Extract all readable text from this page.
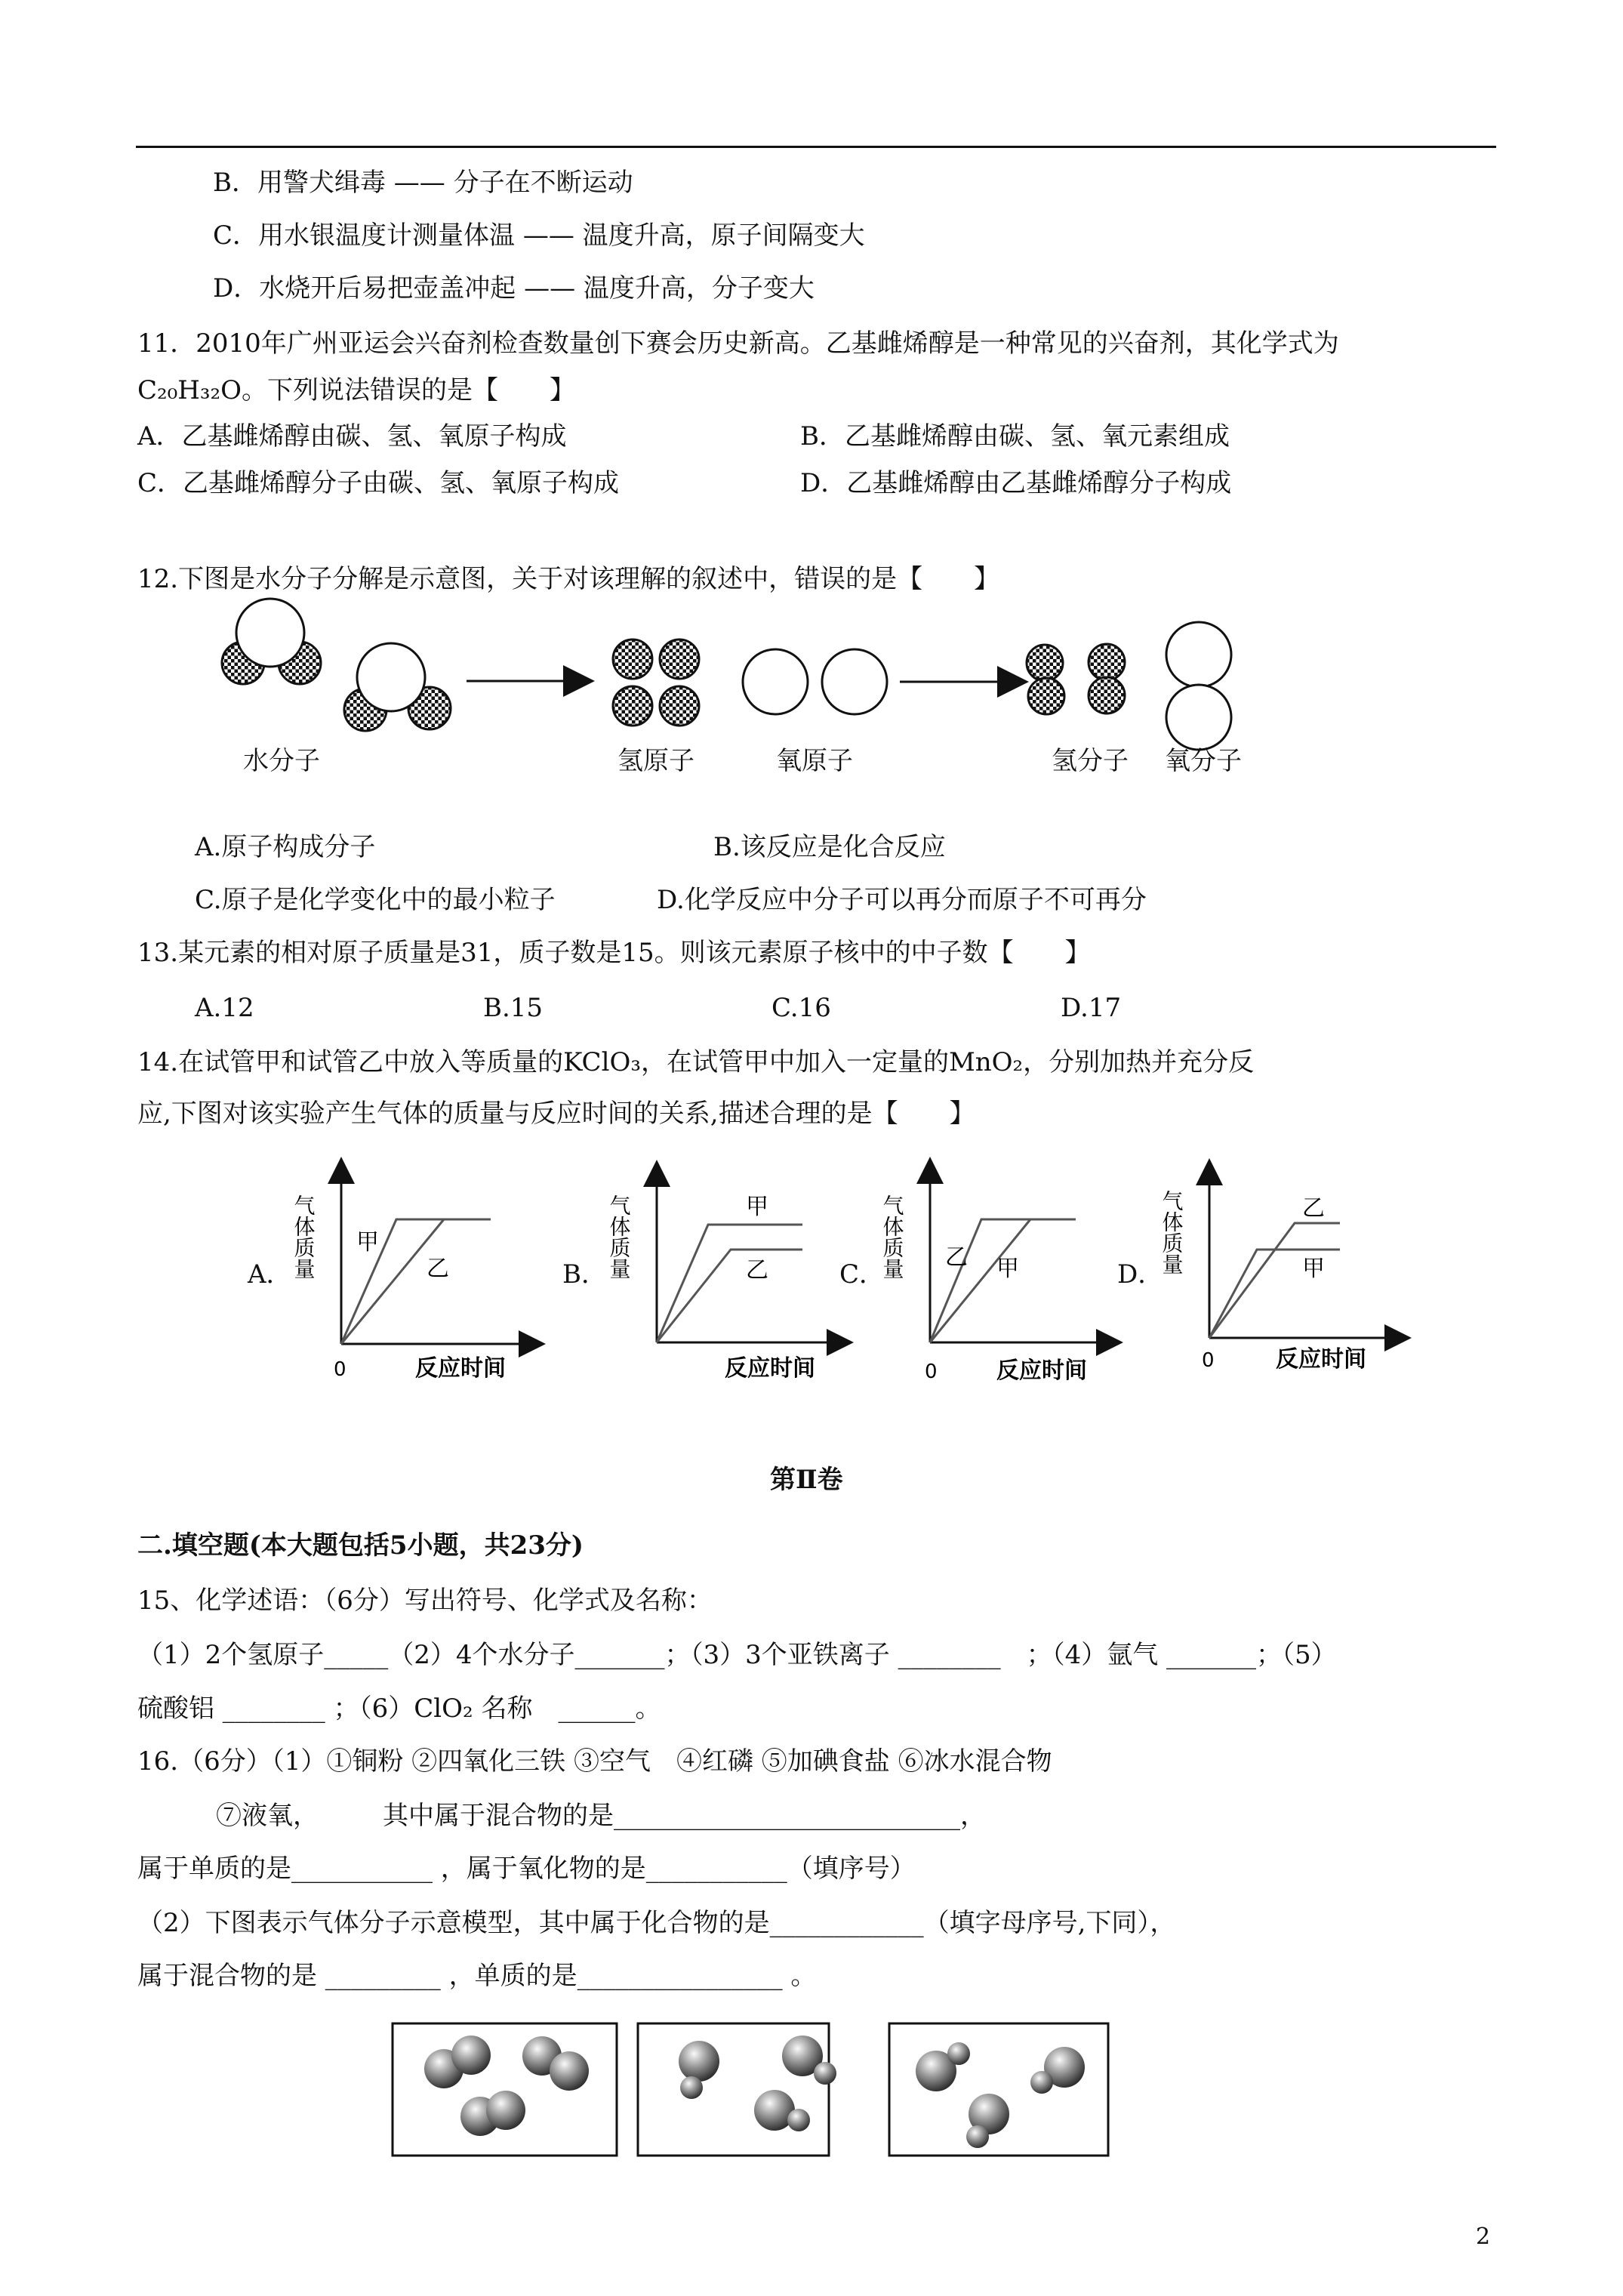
B．用警犬缉毒 —— 分子在不断运动
C．用水银温度计测量体温 —— 温度升高，原子间隔变大
D．水烧开后易把壶盖冲起 —— 温度升高，分子变大
11．2010年广州亚运会兴奋剂检查数量创下赛会历史新高。乙基雌烯醇是一种常见的兴奋剂，其化学式为
C₂₀H₃₂O。下列说法错误的是【　　】
A．乙基雌烯醇由碳、氢、氧原子构成	B．乙基雌烯醇由碳、氢、氧元素组成
C．乙基雌烯醇分子由碳、氢、氧原子构成	D．乙基雌烯醇由乙基雌烯醇分子构成
12.下图是水分子分解是示意图，关于对该理解的叙述中，错误的是【　　】
水分子	氢原子	氧原子	氢分子 氧分子
A.原子构成分子	B.该反应是化合反应
C.原子是化学变化中的最小粒子	D.化学反应中分子可以再分而原子不可再分
13.某元素的相对原子质量是31，质子数是15。则该元素原子核中的中子数【　　】
A.12	B.15	C.16	D.17
14.在试管甲和试管乙中放入等质量的KClO₃，在试管甲中加入一定量的MnO₂，分别加热并充分反
应,下图对该实验产生气体的质量与反应时间的关系,描述合理的是【　　】
A．	B．	C．	D．
气体质量
0	反应时间
甲
乙	气体质量
反应时间
甲
乙	气体质量
0	反应时间
乙 甲	气体质量
0	反应时间
乙
甲
第Ⅱ卷
二.填空题(本大题包括5小题，共23分)
15、化学述语：（6分）写出符号、化学式及名称：
（1）2个氢原子_____（2）4个水分子_______；（3）3个亚铁离子 ________　；（4）氩气 _______；（5）
硫酸铝 ________ ；（6）ClO₂ 名称　______。
16.（6分）（1）①铜粉 ②四氧化三铁 ③空气　④红磷 ⑤加碘食盐 ⑥冰水混合物
⑦液氧，　　　其中属于混合物的是___________________________，
属于单质的是___________ ，属于氧化物的是___________（填序号）
（2）下图表示气体分子示意模型，其中属于化合物的是____________（填字母序号,下同），
属于混合物的是 _________ ，单质的是________________ 。
2
